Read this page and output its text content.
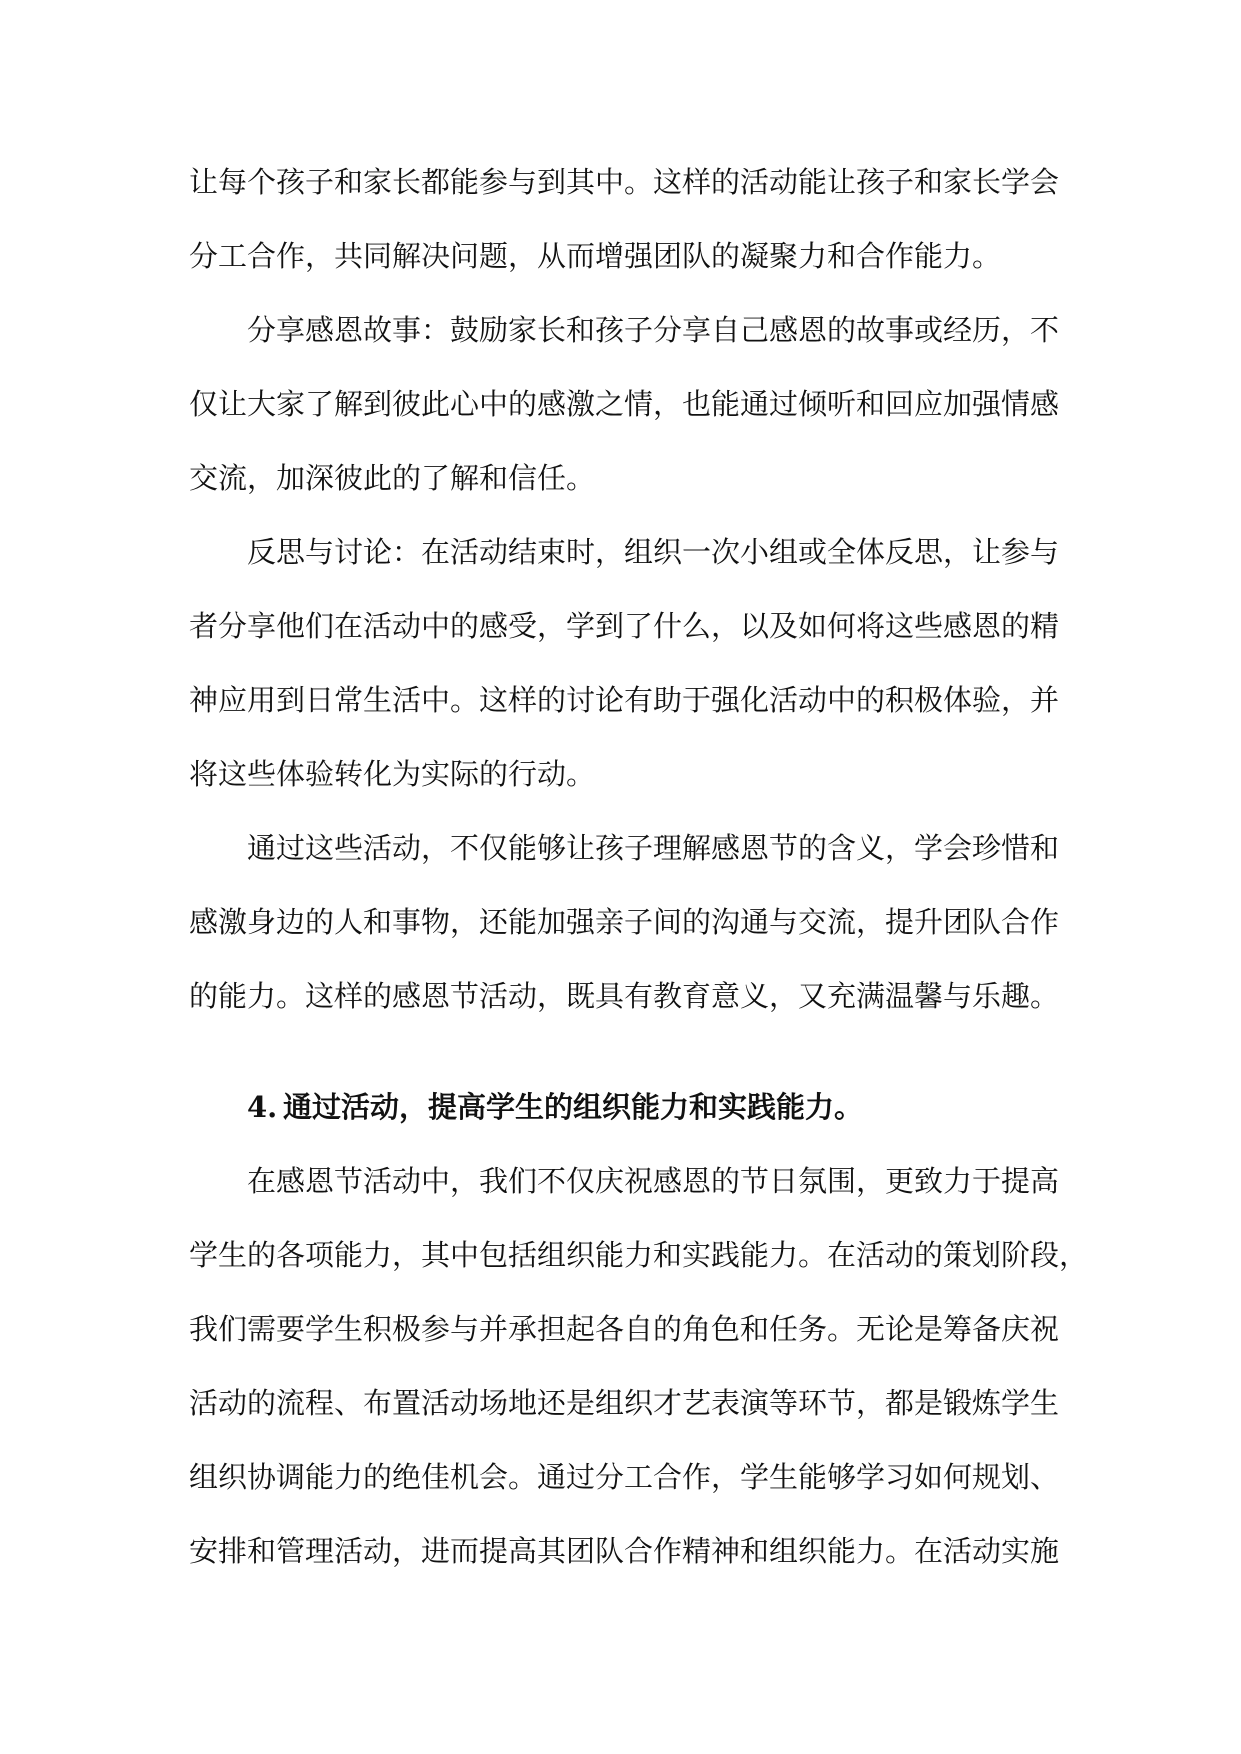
让每个孩子和家长都能参与到其中。这样的活动能让孩子和家长学会
分工合作，共同解决问题，从而增强团队的凝聚力和合作能力。
分享感恩故事：鼓励家长和孩子分享自己感恩的故事或经历，不
仅让大家了解到彼此心中的感激之情，也能通过倾听和回应加强情感
交流，加深彼此的了解和信任。
反思与讨论：在活动结束时，组织一次小组或全体反思，让参与
者分享他们在活动中的感受，学到了什么，以及如何将这些感恩的精
神应用到日常生活中。这样的讨论有助于强化活动中的积极体验，并
将这些体验转化为实际的行动。
通过这些活动，不仅能够让孩子理解感恩节的含义，学会珍惜和
感激身边的人和事物，还能加强亲子间的沟通与交流，提升团队合作
的能力。这样的感恩节活动，既具有教育意义，又充满温馨与乐趣。
4. 通过活动，提高学生的组织能力和实践能力。
在感恩节活动中，我们不仅庆祝感恩的节日氛围，更致力于提高
学生的各项能力，其中包括组织能力和实践能力。在活动的策划阶段，
我们需要学生积极参与并承担起各自的角色和任务。无论是筹备庆祝
活动的流程、布置活动场地还是组织才艺表演等环节，都是锻炼学生
组织协调能力的绝佳机会。通过分工合作，学生能够学习如何规划、
安排和管理活动，进而提高其团队合作精神和组织能力。在活动实施
